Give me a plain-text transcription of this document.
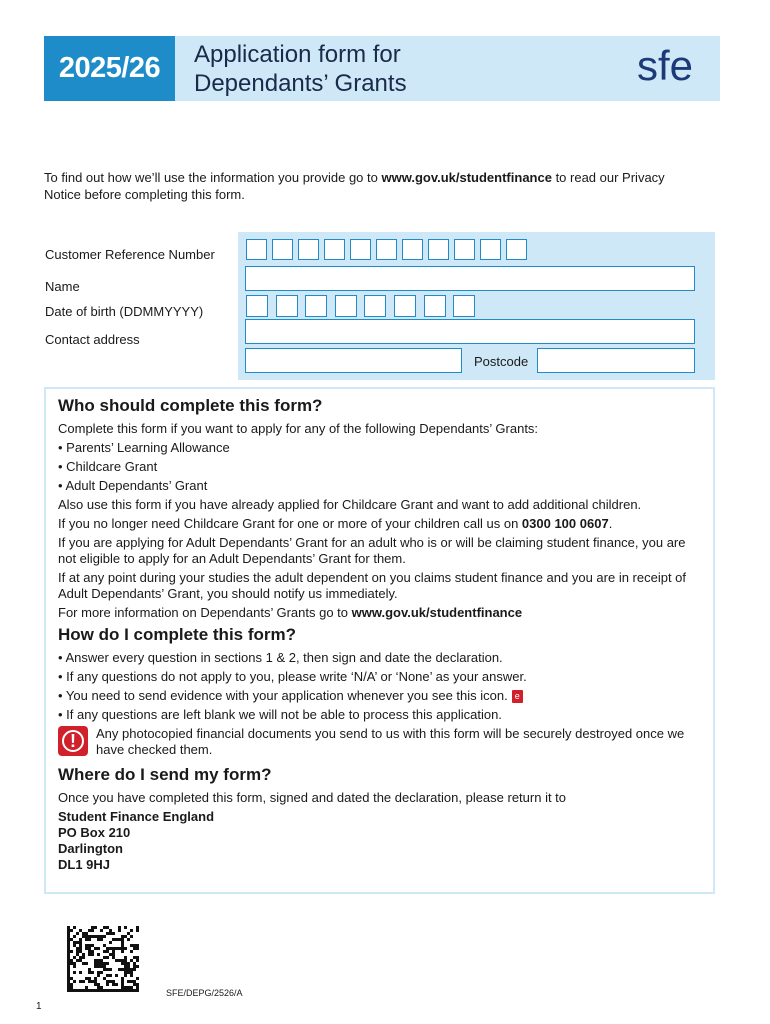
2025/26	Application form for
Dependants’ Grants	sfe
To find out how we’ll use the information you provide go to www.gov.uk/studentfinance to read our Privacy Notice before completing this form.
Customer Reference Number
Name
Date of birth (DDMMYYYY)
Contact address
Postcode
Who should complete this form?
Complete this form if you want to apply for any of the following Dependants’ Grants:
• Parents’ Learning Allowance
• Childcare Grant
• Adult Dependants’ Grant
Also use this form if you have already applied for Childcare Grant and want to add additional children.
If you no longer need Childcare Grant for one or more of your children call us on 0300 100 0607.
If you are applying for Adult Dependants’ Grant for an adult who is or will be claiming student finance, you are not eligible to apply for an Adult Dependants’ Grant for them.
If at any point during your studies the adult dependent on you claims student finance and you are in receipt of Adult Dependants’ Grant, you should notify us immediately.
For more information on Dependants’ Grants go to www.gov.uk/studentfinance
How do I complete this form?
• Answer every question in sections 1 & 2, then sign and date the declaration.
• If any questions do not apply to you, please write ‘N/A’ or ‘None’ as your answer.
• You need to send evidence with your application whenever you see this icon. e
• If any questions are left blank we will not be able to process this application.
! Any photocopied financial documents you send to us with this form will be securely destroyed once we have checked them.
Where do I send my form?
Once you have completed this form, signed and dated the declaration, please return it to
Student Finance England
PO Box 210
Darlington
DL1 9HJ
SFE/DEPG/2526/A
1
